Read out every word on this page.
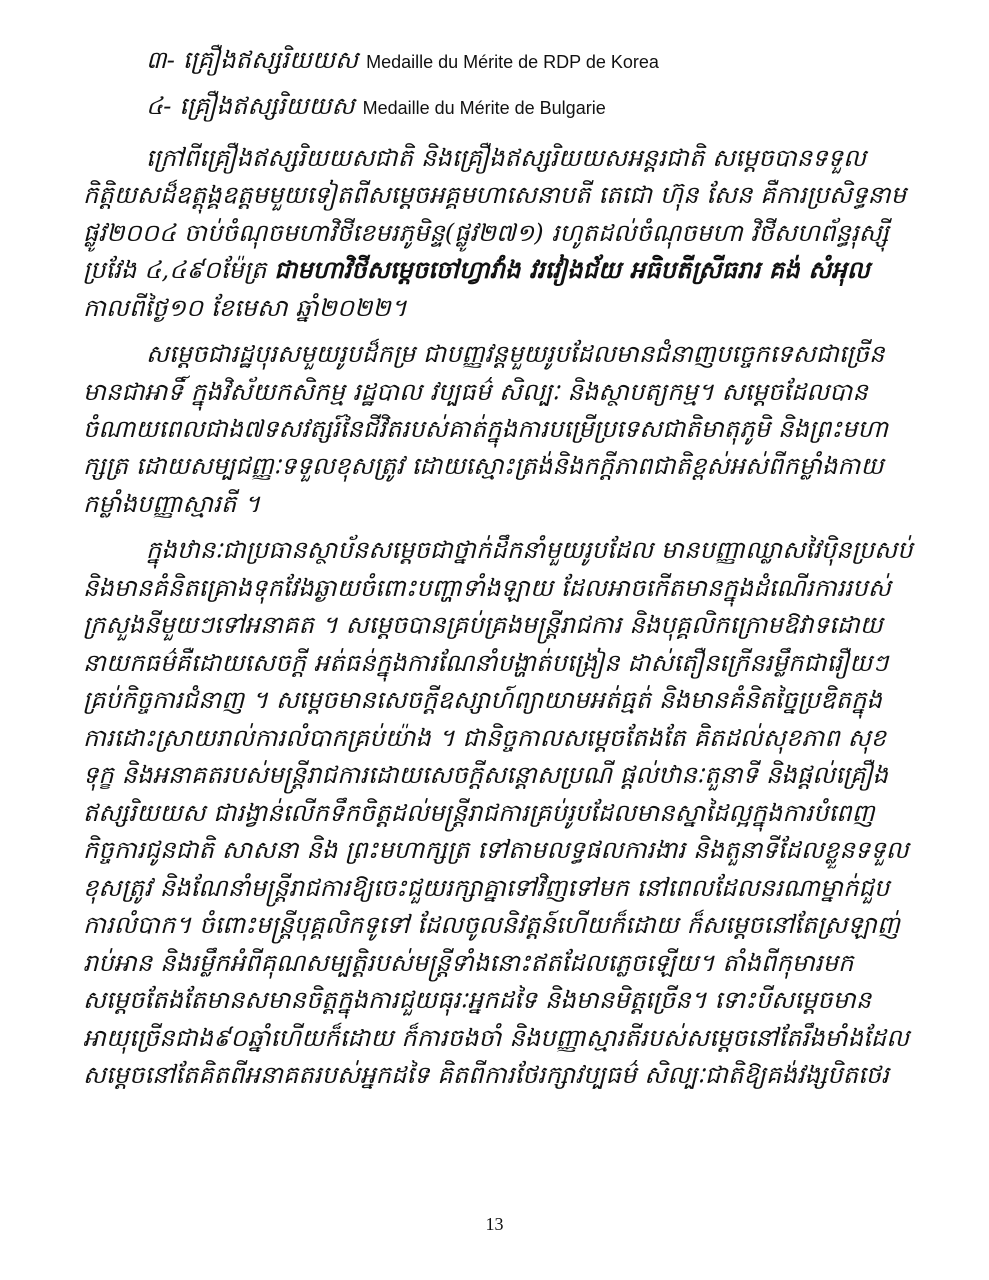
៣- គ្រឿងឥស្សរិយយស Medaille du Mérite de RDP de Korea
៤- គ្រឿងឥស្សរិយយស Medaille du Mérite de Bulgarie
ក្រៅពីគ្រឿងឥស្សរិយយសជាតិ និងគ្រឿងឥស្សរិយយសអន្តរជាតិ សម្ដេចបានទទួល
កិត្តិយសដ៏ឧត្ដុង្គឧត្ដមមួយទៀតពីសម្ដេចអគ្គមហាសេនាបតី តេជោ ហ៊ុន សែន គឺការប្រសិទ្ធនាម
ផ្លូវ២០០៤ ចាប់ចំណុចមហាវិថីខេមរភូមិន្ទ(ផ្លូវ២៧១) រហូតដល់ចំណុចមហា វិថីសហព័ន្ធរុស្ស៊ី
ប្រវែង ៤,៤៩០ម៉ែត្រ ជាមហាវិថីសម្ដេចចៅហ្វាវាំង វរវៀងជ័យ អធិបតីស្រីធរារ គង់ សំអុល
កាលពីថ្ងៃ១០ ខែមេសា ឆ្នាំ២០២២។
សម្ដេចជារដ្ឋបុរសមួយរូបដ៏កម្រ ជាបញ្ញវន្តមួយរូបដែលមានជំនាញបច្ចេកទេសជាច្រើន
មានជាអាទិ៍ ក្នុងវិស័យកសិកម្ម រដ្ឋបាល វប្បធម៌ សិល្បៈ និងស្ថាបត្យកម្ម។ សម្ដេចដែលបាន
ចំណាយពេលជាង៧ទសវត្សរ៍នៃជីវិតរបស់គាត់ក្នុងការបម្រើប្រទេសជាតិមាតុភូមិ និងព្រះមហា
ក្សត្រ ដោយសម្បជញ្ញៈទទួលខុសត្រូវ ដោយស្មោះត្រង់និងកក្ដីភាពជាតិខ្ពស់អស់ពីកម្លាំងកាយ
កម្លាំងបញ្ញាស្មារតី ។
ក្នុងឋានៈជាប្រធានស្ថាប័នសម្ដេចជាថ្នាក់ដឹកនាំមួយរូបដែល មានបញ្ញាឈ្លាសវៃប៉ិនប្រសប់
និងមានគំនិតគ្រោងទុកវែងឆ្ងាយចំពោះបញ្ហាទាំងឡាយ ដែលអាចកើតមានក្នុងដំណើរការរបស់
ក្រសួងនីមួយៗទៅអនាគត ។ សម្ដេចបានគ្រប់គ្រងមន្ត្រីរាជការ និងបុគ្គលិកក្រោមឱវាទដោយ
នាយកធម៌គឺដោយសេចក្ដី អត់ធន់ក្នុងការណែនាំបង្ហាត់បង្រៀន ដាស់តឿនក្រើនរម្លឹកជារឿយៗ
គ្រប់កិច្ចការជំនាញ ។ សម្ដេចមានសេចក្ដីឧស្សាហ៍ព្យាយាមអត់ធ្មត់ និងមានគំនិតច្នៃប្រឌិតក្នុង
ការដោះស្រាយរាល់ការលំបាកគ្រប់យ៉ាង ។ ជានិច្ចកាលសម្ដេចតែងតែ គិតដល់សុខភាព សុខ
ទុក្ខ និងអនាគតរបស់មន្ត្រីរាជការដោយសេចក្ដីសន្ដោសប្រណី ផ្ដល់ឋានៈតួនាទី និងផ្ដល់គ្រឿង
ឥស្សរិយយស ជារង្វាន់លើកទឹកចិត្តដល់មន្ត្រីរាជការគ្រប់រូបដែលមានស្នាដៃល្អក្នុងការបំពេញ
កិច្ចការជូនជាតិ សាសនា និង ព្រះមហាក្សត្រ ទៅតាមលទ្ធផលការងារ និងតួនាទីដែលខ្លួនទទួល
ខុសត្រូវ និងណែនាំមន្ត្រីរាជការឱ្យចេះជួយរក្សាគ្នាទៅវិញទៅមក នៅពេលដែលនរណាម្នាក់ជួប
ការលំបាក។ ចំពោះមន្ត្រីបុគ្គលិកទូទៅ ដែលចូលនិវត្តន៍ហើយក៏ដោយ ក៏សម្ដេចនៅតែស្រឡាញ់
រាប់អាន និងរម្លឹកអំពីគុណសម្បត្តិរបស់មន្ត្រីទាំងនោះឥតដែលភ្លេចឡើយ។ តាំងពីកុមារមក
សម្ដេចតែងតែមានសមានចិត្តក្នុងការជួយធុរៈអ្នកដទៃ និងមានមិត្តច្រើន។ ទោះបីសម្ដេចមាន
អាយុច្រើនជាង៩០ឆ្នាំហើយក៏ដោយ ក៏ការចងចាំ និងបញ្ញាស្មារតីរបស់សម្ដេចនៅតែរឹងមាំងដែល
សម្ដេចនៅតែគិតពីអនាគតរបស់អ្នកដទៃ គិតពីការថែរក្សាវប្បធម៌ សិល្បៈជាតិឱ្យគង់វង្សបិតថេរ
13
